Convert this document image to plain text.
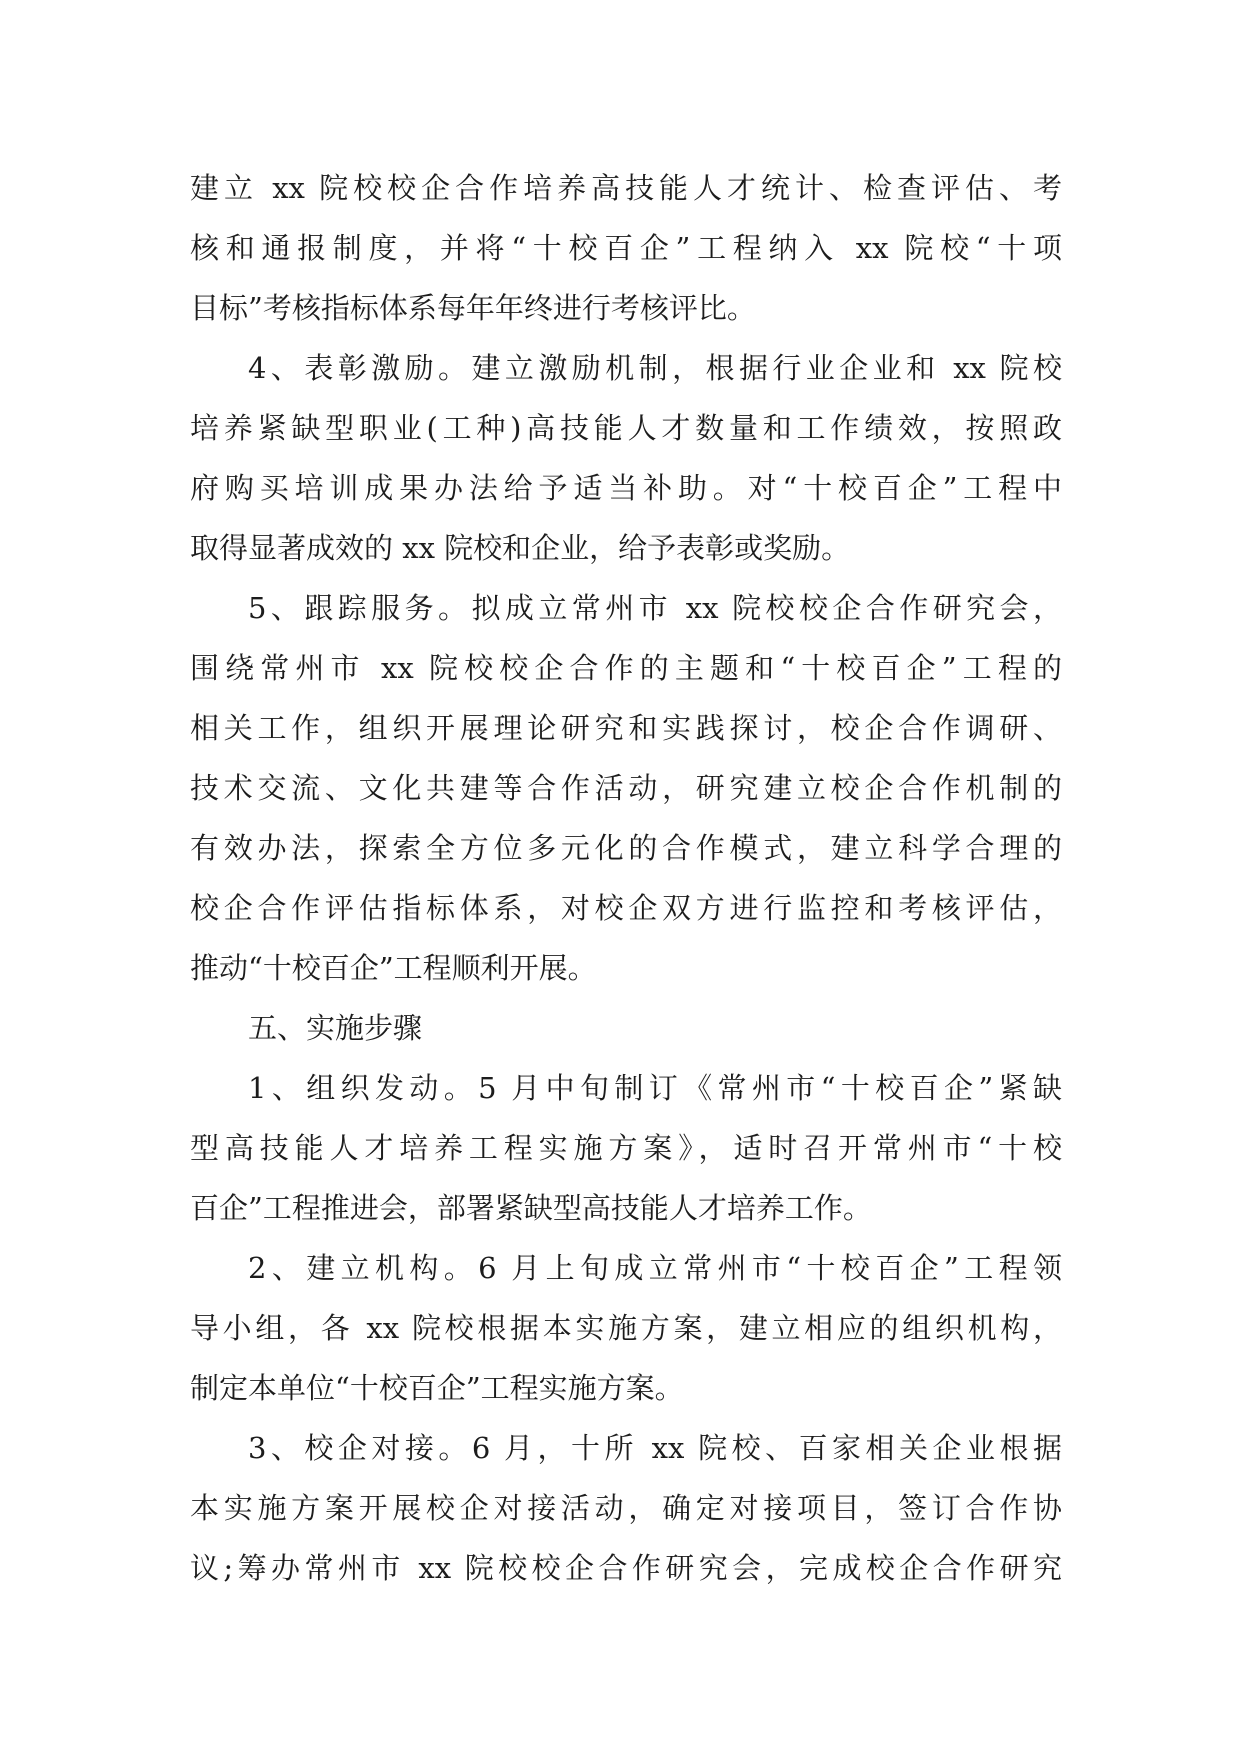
建立 xx 院校校企合作培养高技能人才统计、检查评估、考
核和通报制度，并将“十校百企”工程纳入 xx 院校“十项
目标”考核指标体系每年年终进行考核评比。
4、表彰激励。建立激励机制，根据行业企业和 xx 院校
培养紧缺型职业(工种)高技能人才数量和工作绩效，按照政
府购买培训成果办法给予适当补助。对“十校百企”工程中
取得显著成效的 xx 院校和企业，给予表彰或奖励。
5、跟踪服务。拟成立常州市 xx 院校校企合作研究会，
围绕常州市 xx 院校校企合作的主题和“十校百企”工程的
相关工作，组织开展理论研究和实践探讨，校企合作调研、
技术交流、文化共建等合作活动，研究建立校企合作机制的
有效办法，探索全方位多元化的合作模式，建立科学合理的
校企合作评估指标体系，对校企双方进行监控和考核评估，
推动“十校百企”工程顺利开展。
五、实施步骤
1、组织发动。5 月中旬制订《常州市“十校百企”紧缺
型高技能人才培养工程实施方案》，适时召开常州市“十校
百企”工程推进会，部署紧缺型高技能人才培养工作。
2、建立机构。6 月上旬成立常州市“十校百企”工程领
导小组，各 xx 院校根据本实施方案，建立相应的组织机构，
制定本单位“十校百企”工程实施方案。
3、校企对接。6 月，十所 xx 院校、百家相关企业根据
本实施方案开展校企对接活动，确定对接项目，签订合作协
议;筹办常州市 xx 院校校企合作研究会，完成校企合作研究
